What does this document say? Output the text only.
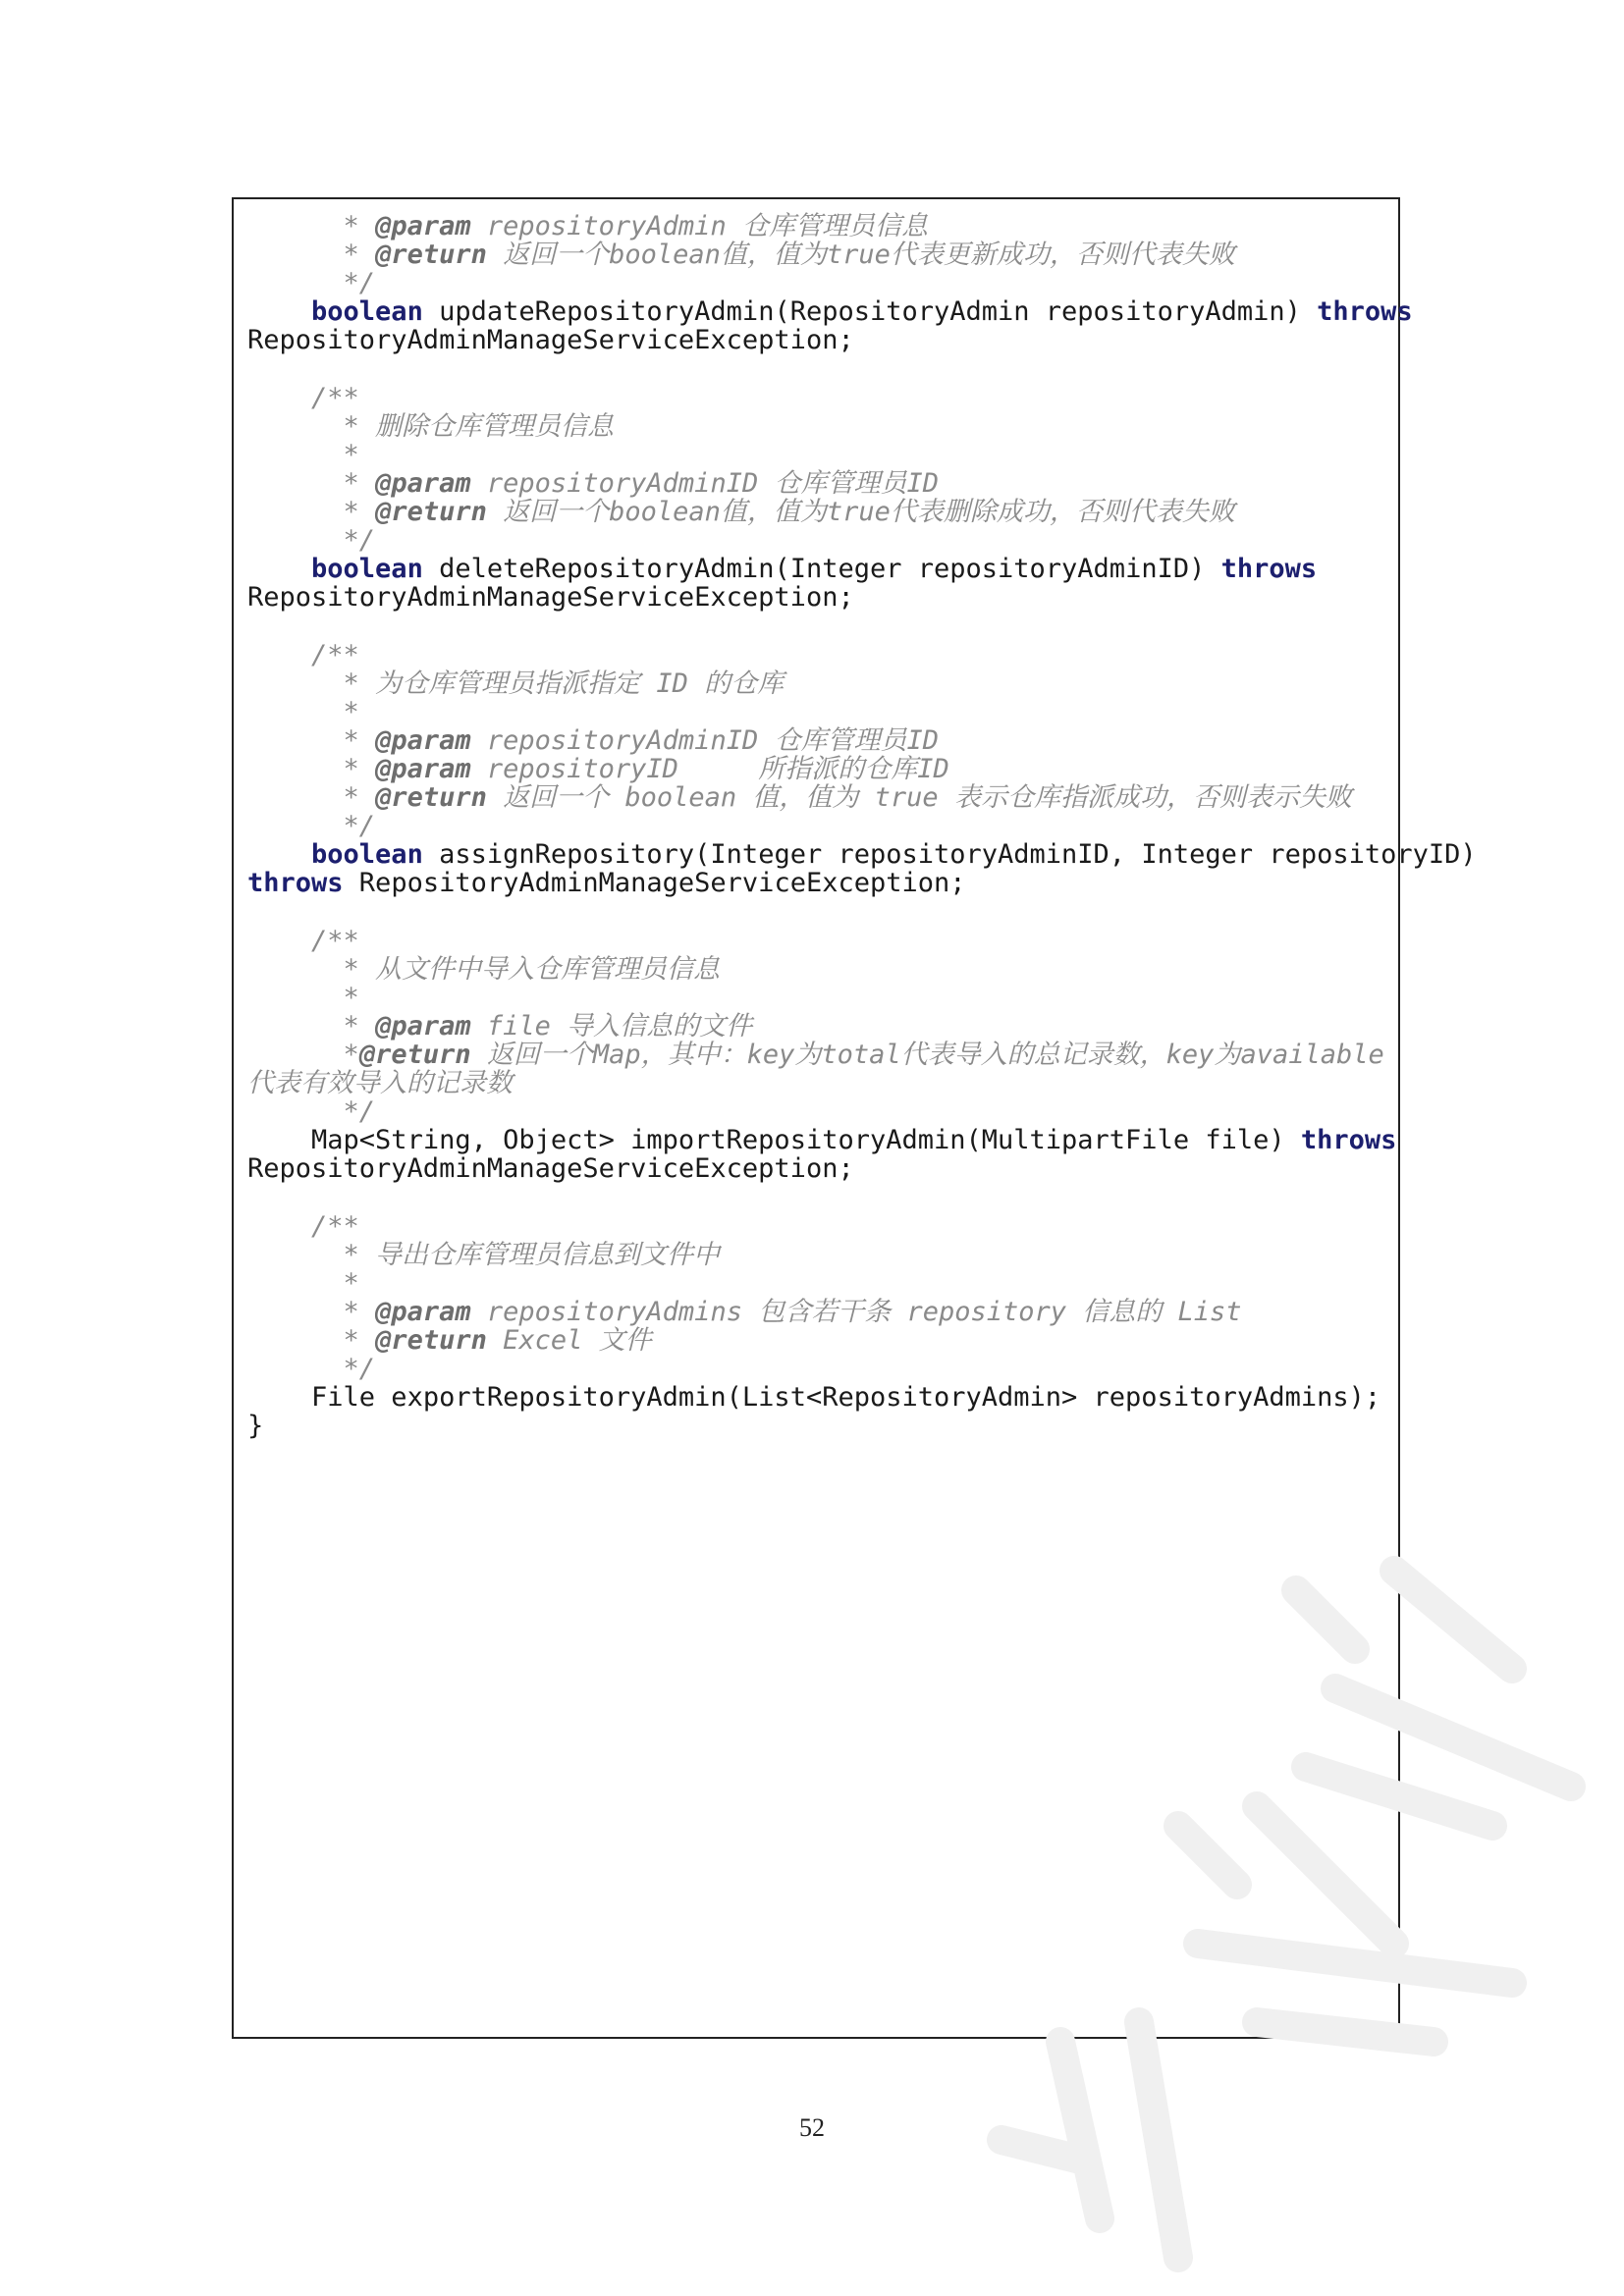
* @param repositoryAdmin 仓库管理员信息
* @return 返回一个boolean值，值为true代表更新成功，否则代表失败
*/
boolean updateRepositoryAdmin(RepositoryAdmin repositoryAdmin) throws
RepositoryAdminManageServiceException;
/**
* 删除仓库管理员信息
*
* @param repositoryAdminID 仓库管理员ID
* @return 返回一个boolean值，值为true代表删除成功，否则代表失败
*/
boolean deleteRepositoryAdmin(Integer repositoryAdminID) throws
RepositoryAdminManageServiceException;
/**
* 为仓库管理员指派指定 ID 的仓库
*
* @param repositoryAdminID 仓库管理员ID
* @param repositoryID     所指派的仓库ID
* @return 返回一个 boolean 值，值为 true 表示仓库指派成功，否则表示失败
*/
boolean assignRepository(Integer repositoryAdminID, Integer repositoryID)
throws RepositoryAdminManageServiceException;
/**
* 从文件中导入仓库管理员信息
*
* @param file 导入信息的文件
*@return 返回一个Map，其中：key为total代表导入的总记录数，key为available
代表有效导入的记录数
*/
Map<String, Object> importRepositoryAdmin(MultipartFile file) throws
RepositoryAdminManageServiceException;
/**
* 导出仓库管理员信息到文件中
*
* @param repositoryAdmins 包含若干条 repository 信息的 List
* @return Excel 文件
*/
File exportRepositoryAdmin(List<RepositoryAdmin> repositoryAdmins);
}
52
